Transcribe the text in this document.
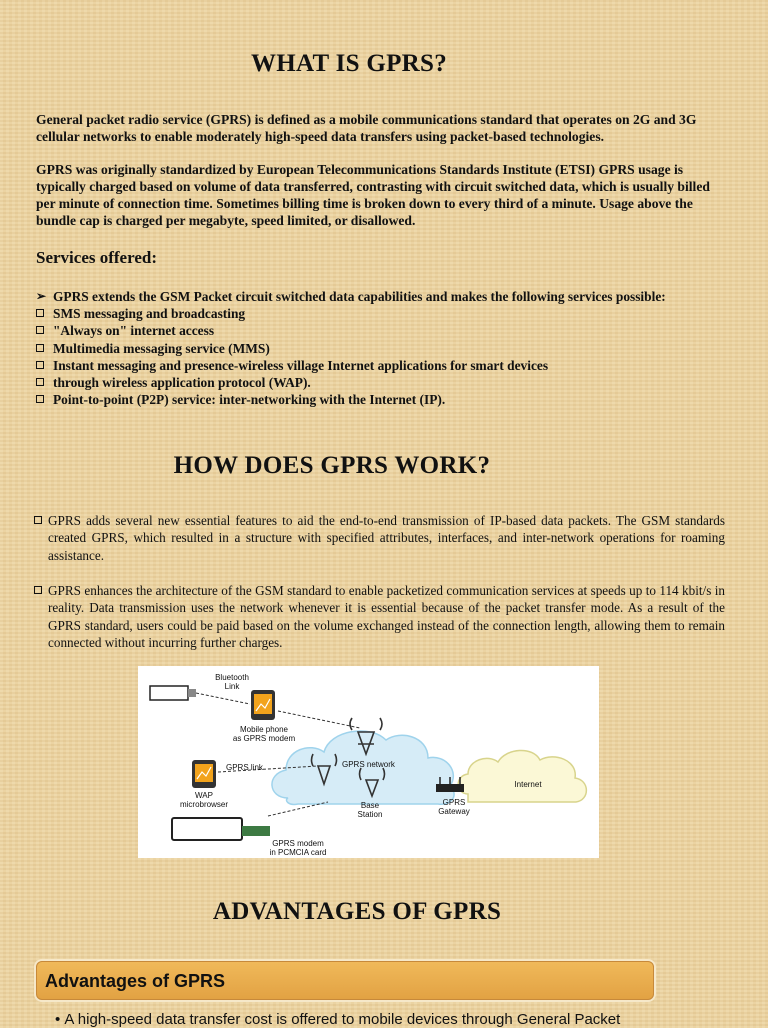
WHAT IS GPRS?

General packet radio service (GPRS) is defined as a mobile communications standard that operates on 2G and 3G cellular networks to enable moderately high-speed data transfers using packet-based technologies.

GPRS was originally standardized by European Telecommunications Standards Institute (ETSI) GPRS usage is typically charged based on volume of data transferred, contrasting with circuit switched data, which is usually billed per minute of connection time. Sometimes billing time is broken down to every third of a minute. Usage above the bundle cap is charged per megabyte, speed limited, or disallowed.

Services offered:
➢ GPRS extends the GSM Packet circuit switched data capabilities and makes the following services possible:
SMS messaging and broadcasting
"Always on" internet access
Multimedia messaging service (MMS)
Instant messaging and presence-wireless village Internet applications for smart devices
through wireless application protocol (WAP).
Point-to-point (P2P) service: inter-networking with the Internet (IP).
HOW DOES GPRS WORK?

GPRS adds several new essential features to aid the end-to-end transmission of IP-based data packets. The GSM standards created GPRS, which resulted in a structure with specified attributes, interfaces, and inter-network operations for roaming assistance.

GPRS enhances the architecture of the GSM standard to enable packetized communication services at speeds up to 114 kbit/s in reality. Data transmission uses the network whenever it is essential because of the packet transfer mode. As a result of the GPRS standard, users could be paid based on the volume exchanged instead of the connection length, allowing them to remain connected without incurring further charges.

Bluetooth Link
Mobile phone as GPRS modem
GPRS link	GPRS network
WAP microbrowser	Base Station
GPRS Gateway
Internet
GPRS modem in PCMCIA card
ADVANTAGES OF GPRS
Advantages of GPRS
• A high-speed data transfer cost is offered to mobile devices through General Packet
